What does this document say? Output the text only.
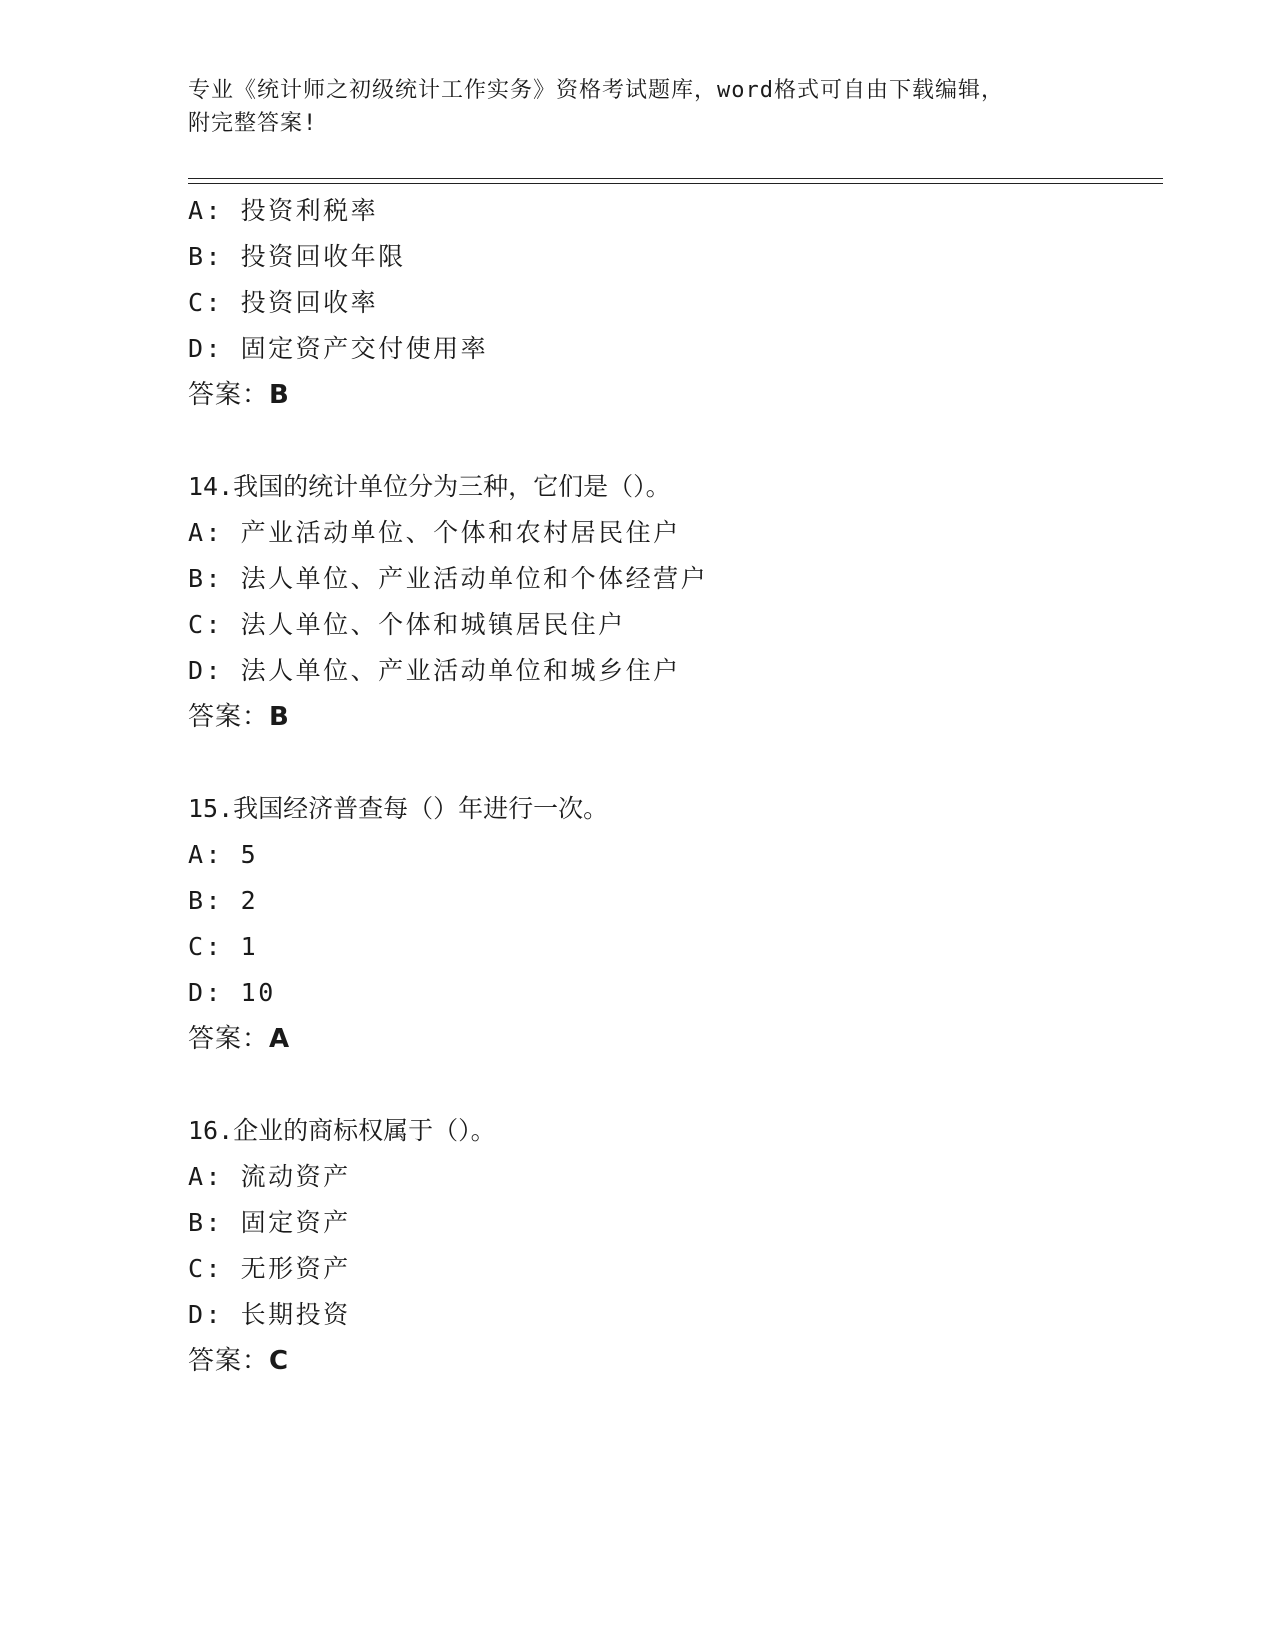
专业《统计师之初级统计工作实务》资格考试题库，word格式可自由下载编辑，
附完整答案!
A: 投资利税率
B: 投资回收年限
C: 投资回收率
D: 固定资产交付使用率
答案：B
14.我国的统计单位分为三种，它们是（）。
A: 产业活动单位、个体和农村居民住户
B: 法人单位、产业活动单位和个体经营户
C: 法人单位、个体和城镇居民住户
D: 法人单位、产业活动单位和城乡住户
答案：B
15.我国经济普查每（）年进行一次。
A: 5
B: 2
C: 1
D: 10
答案：A
16.企业的商标权属于（）。
A: 流动资产
B: 固定资产
C: 无形资产
D: 长期投资
答案：C
